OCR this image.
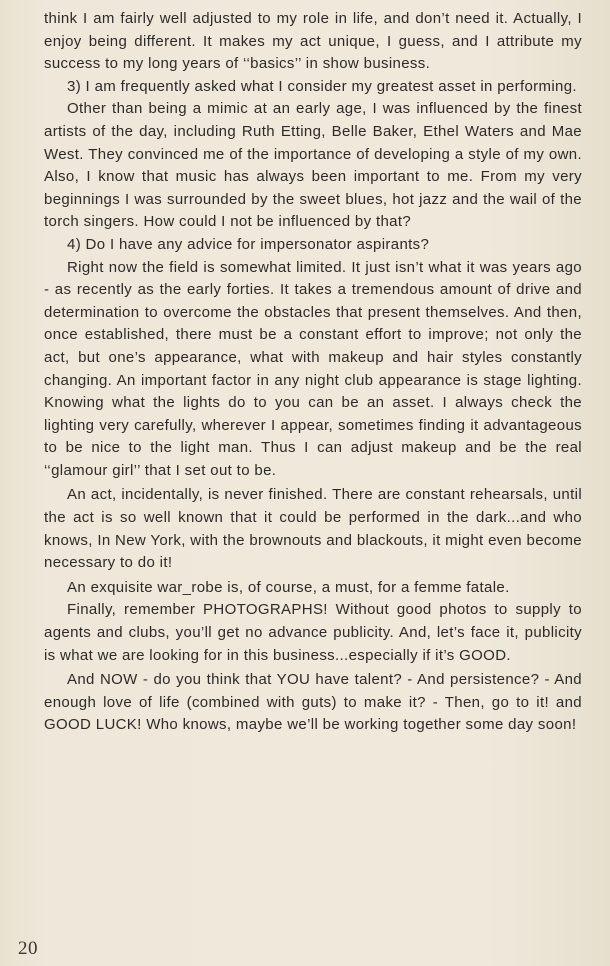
think I am fairly well adjusted to my role in life, and don’t need it. Actually, I enjoy being different. It makes my act unique, I guess, and I attribute my success to my long years of ‘‘basics’’ in show business.

3) I am frequently asked what I consider my greatest asset in performing.

Other than being a mimic at an early age, I was influenced by the finest artists of the day, including Ruth Etting, Belle Baker, Ethel Waters and Mae West. They convinced me of the importance of developing a style of my own. Also, I know that music has always been important to me. From my very beginnings I was surrounded by the sweet blues, hot jazz and the wail of the torch singers. How could I not be influenced by that?

4) Do I have any advice for impersonator aspirants?

Right now the field is somewhat limited. It just isn’t what it was years ago - as recently as the early forties. It takes a tremendous amount of drive and determination to overcome the obstacles that present themselves. And then, once established, there must be a constant effort to improve; not only the act, but one’s appearance, what with makeup and hair styles constantly changing. An important factor in any night club appearance is stage lighting. Knowing what the lights do to you can be an asset. I always check the lighting very carefully, wherever I appear, sometimes finding it advantageous to be nice to the light man. Thus I can adjust makeup and be the real ‘‘glamour girl’’ that I set out to be.

An act, incidentally, is never finished. There are constant rehearsals, until the act is so well known that it could be performed in the dark...and who knows, In New York, with the brownouts and blackouts, it might even become necessary to do it!

An exquisite war_robe is, of course, a must, for a femme fatale.

Finally, remember PHOTOGRAPHS! Without good photos to supply to agents and clubs, you’ll get no advance publicity. And, let’s face it, publicity is what we are looking for in this business...especially if it’s GOOD.

And NOW - do you think that YOU have talent? - And persistence? - And enough love of life (combined with guts) to make it? - Then, go to it! and GOOD LUCK! Who knows, maybe we’ll be working together some day soon!

20
